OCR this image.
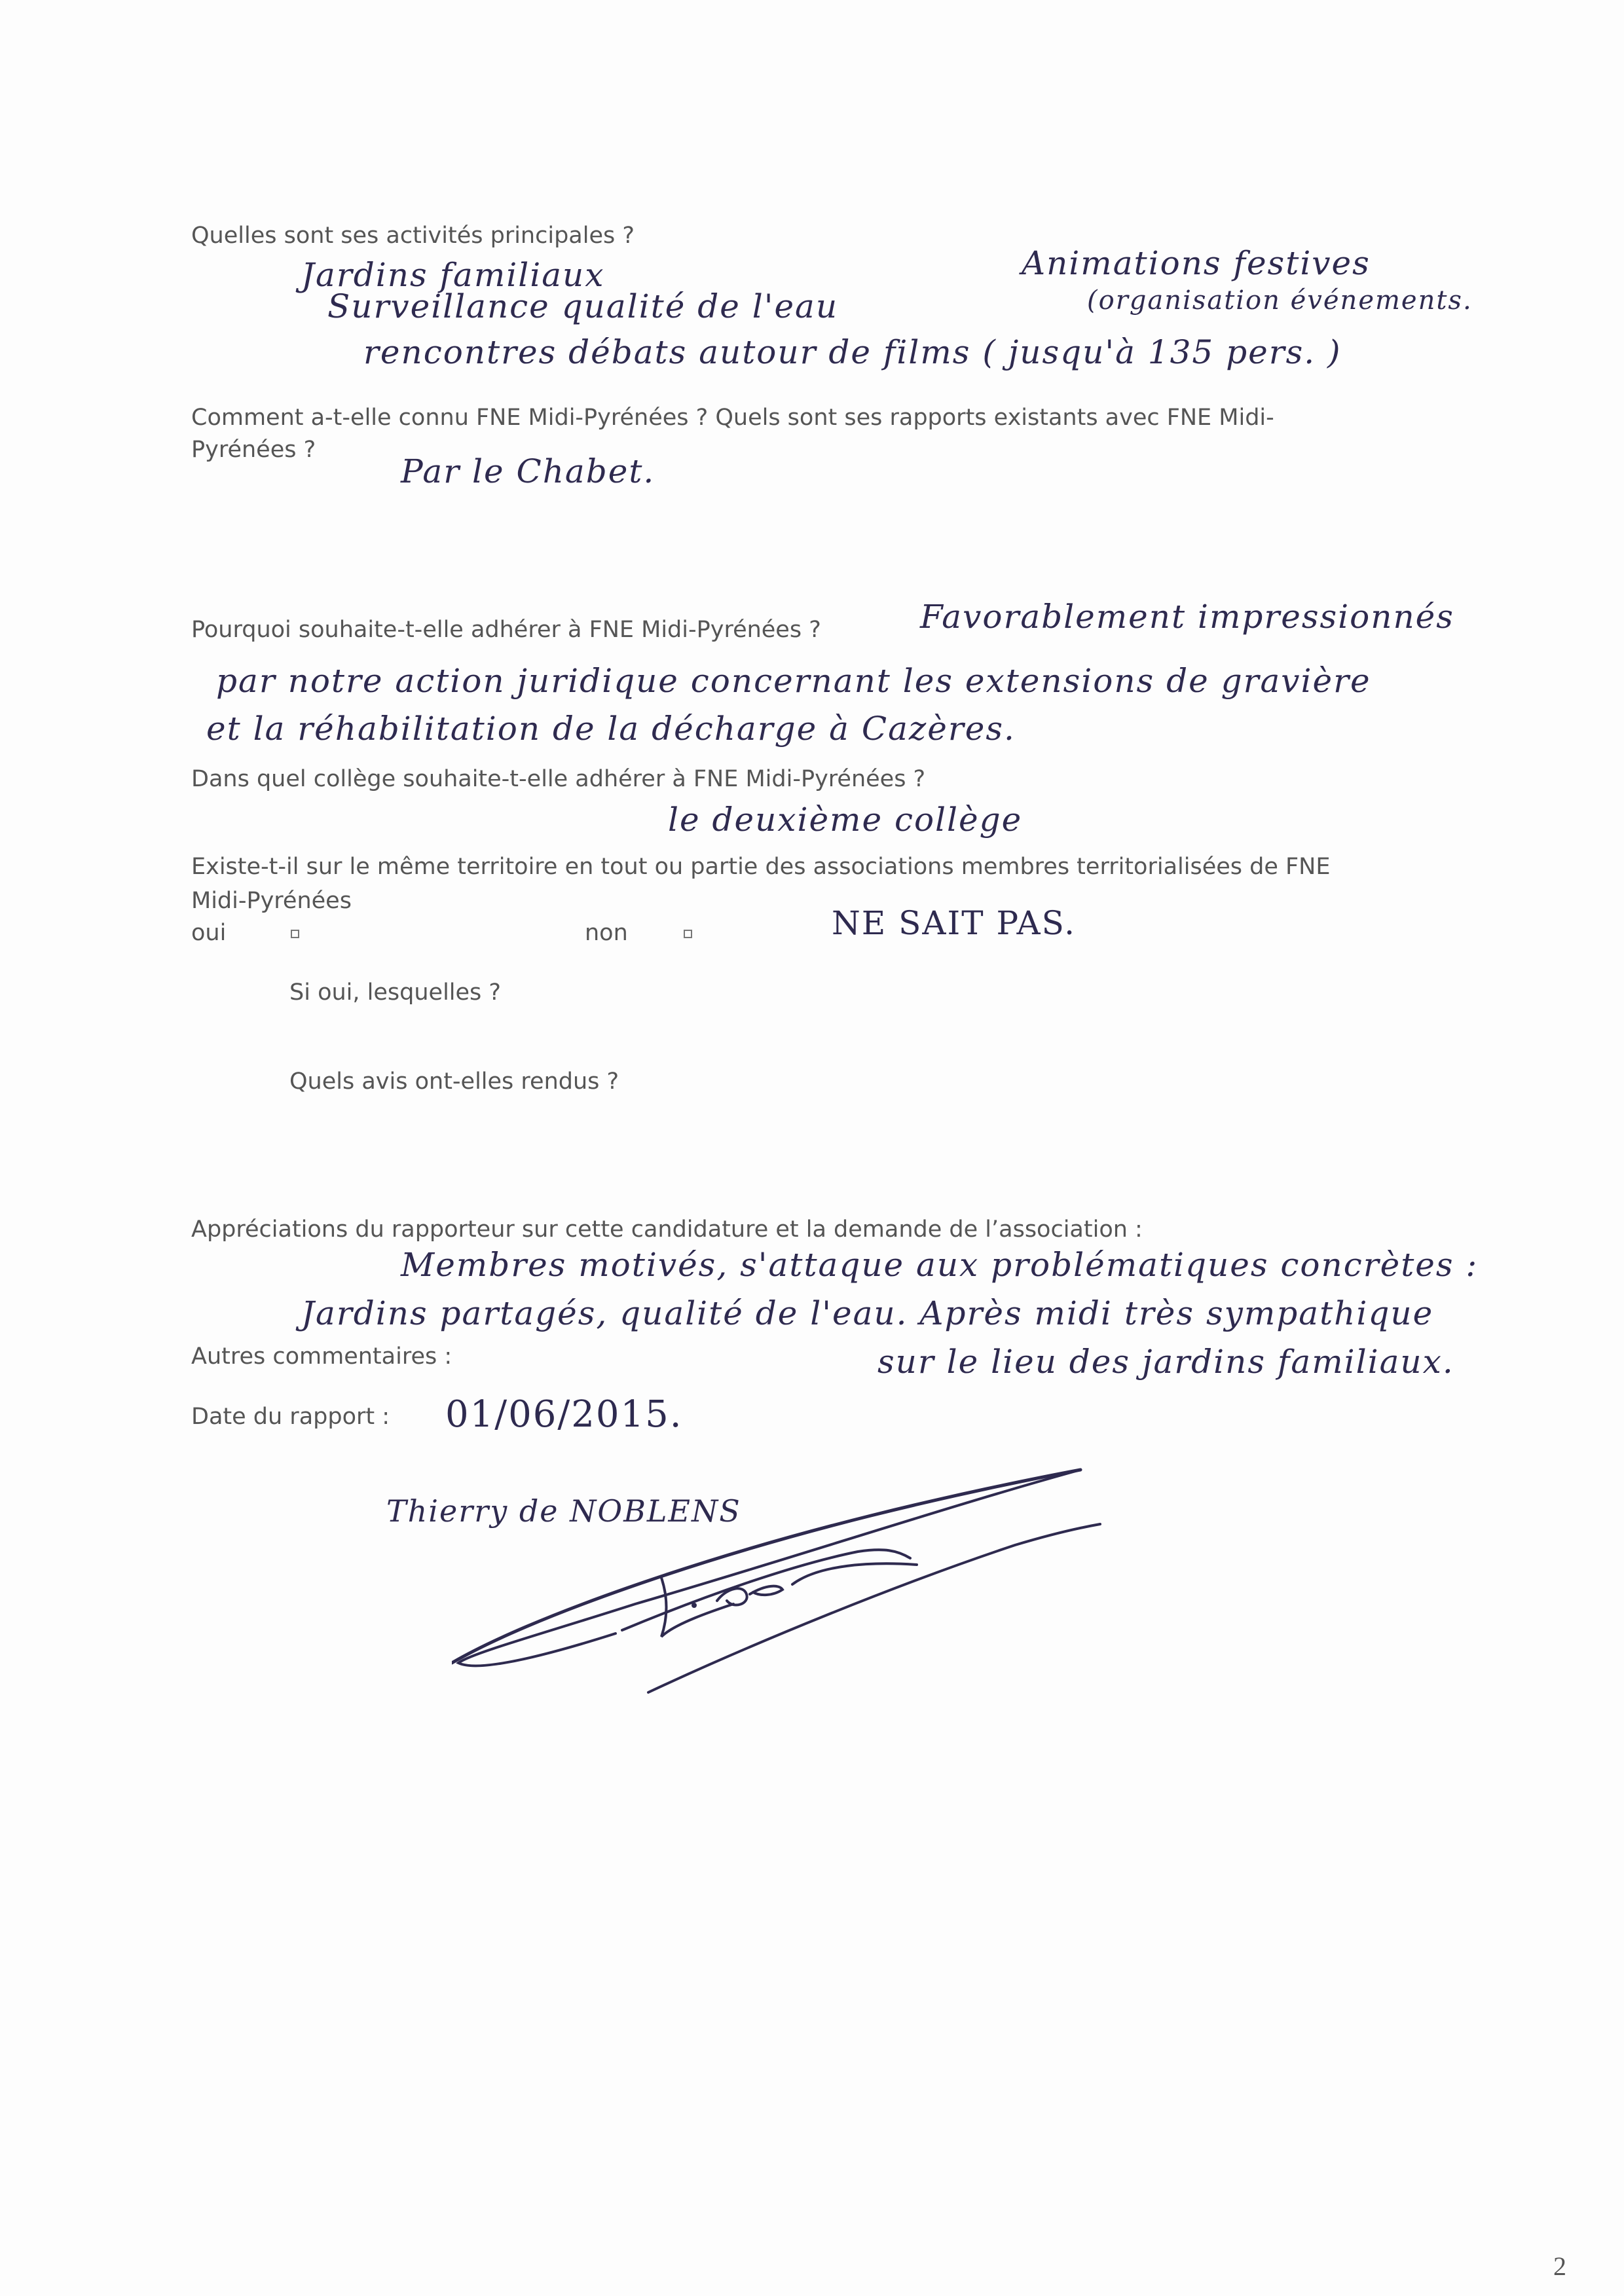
Quelles sont ses activités principales ?
Jardins familiaux	Animations festives
Surveillance qualité de l'eau	(organisation événements.
rencontres débats autour de films ( jusqu'à 135 pers. )
Comment a-t-elle connu FNE Midi-Pyrénées ? Quels sont ses rapports existants avec FNE Midi-
Pyrénées ?
Par le Chabet.
Pourquoi souhaite-t-elle adhérer à FNE Midi-Pyrénées ?	Favorablement impressionnés
par notre action juridique concernant les extensions de gravière
et la réhabilitation de la décharge à Cazères.
Dans quel collège souhaite-t-elle adhérer à FNE Midi-Pyrénées ?
le deuxième collège
Existe-t-il sur le même territoire en tout ou partie des associations membres territorialisées de FNE
Midi-Pyrénées
oui	non	NE SAIT PAS.
Si oui, lesquelles ?
Quels avis ont-elles rendus ?
Appréciations du rapporteur sur cette candidature et la demande de l’association :
Membres motivés, s'attaque aux problématiques concrètes :
Jardins partagés, qualité de l'eau. Après midi très sympathique
Autres commentaires :	sur le lieu des jardins familiaux.
Date du rapport : 01/06/2015.
Thierry de NOBLENS
2
